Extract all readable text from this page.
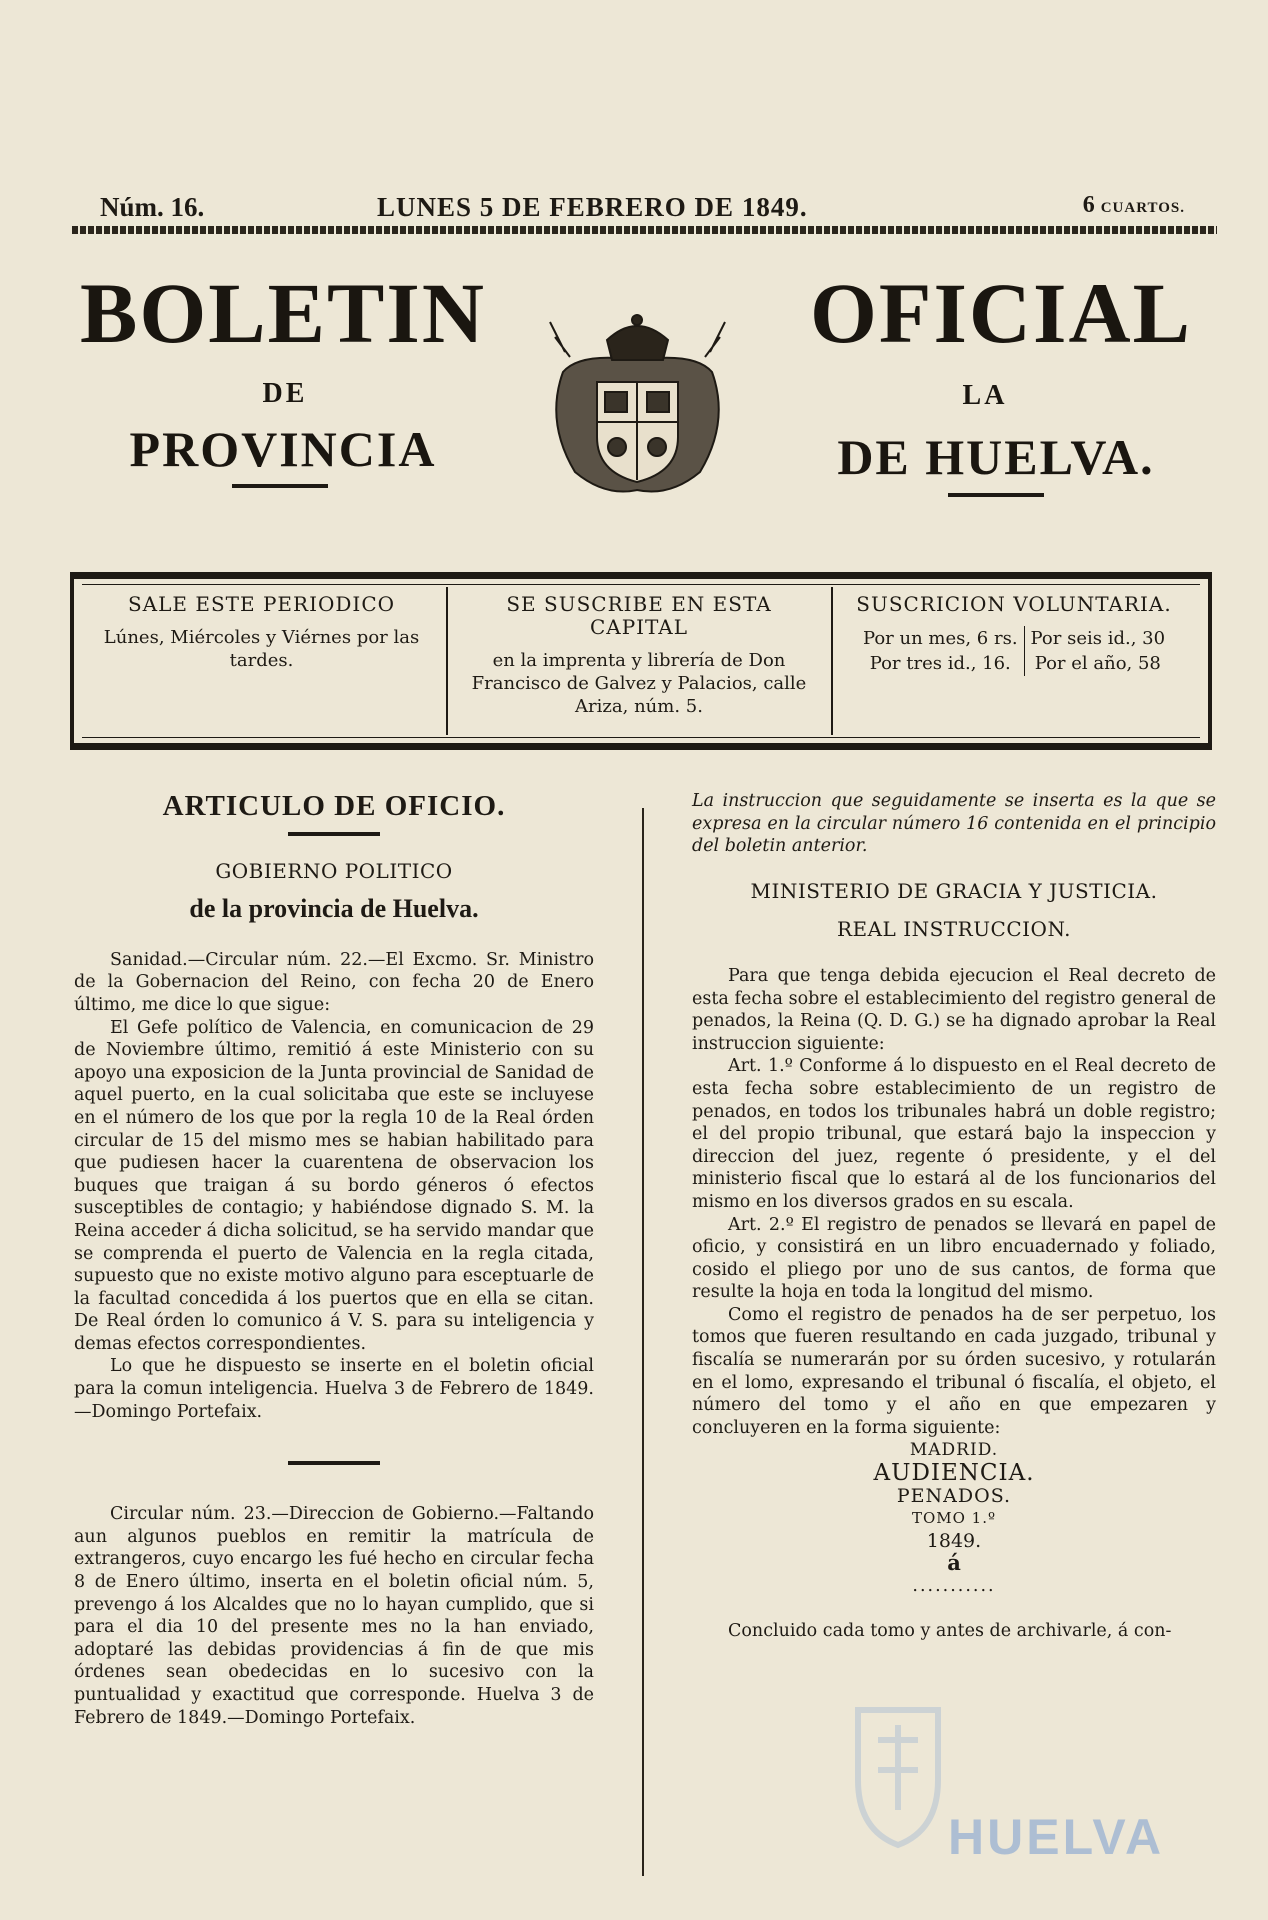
Núm. 16.	LUNES 5 DE FEBRERO DE 1849.	6 CUARTOS.
BOLETIN	OFICIAL
DE	LA
PROVINCIA	DE HUELVA.
SALE ESTE PERIODICO
Lúnes, Miércoles y Viérnes por las tardes.
SE SUSCRIBE EN ESTA CAPITAL
en la imprenta y librería de Don Francisco de Galvez y Palacios, calle Ariza, núm. 5.
SUSCRICION VOLUNTARIA.
Por un mes, 6 rs.	Por seis id., 30
Por tres id., 16.	Por el año, 58
ARTICULO DE OFICIO.
GOBIERNO POLITICO
de la provincia de Huelva.

Sanidad.—Circular núm. 22.—El Excmo. Sr. Ministro de la Gobernacion del Reino, con fecha 20 de Enero último, me dice lo que sigue:

El Gefe político de Valencia, en comunicacion de 29 de Noviembre último, remitió á este Ministerio con su apoyo una exposicion de la Junta provincial de Sanidad de aquel puerto, en la cual solicitaba que este se incluyese en el número de los que por la regla 10 de la Real órden circular de 15 del mismo mes se habian habilitado para que pudiesen hacer la cuarentena de observacion los buques que traigan á su bordo géneros ó efectos susceptibles de contagio; y habiéndose dignado S. M. la Reina acceder á dicha solicitud, se ha servido mandar que se comprenda el puerto de Valencia en la regla citada, supuesto que no existe motivo alguno para esceptuarle de la facultad concedida á los puertos que en ella se citan. De Real órden lo comunico á V. S. para su inteligencia y demas efectos correspondientes.

Lo que he dispuesto se inserte en el boletin oficial para la comun inteligencia. Huelva 3 de Febrero de 1849.—Domingo Portefaix.

Circular núm. 23.—Direccion de Gobierno.—Faltando aun algunos pueblos en remitir la matrícula de extrangeros, cuyo encargo les fué hecho en circular fecha 8 de Enero último, inserta en el boletin oficial núm. 5, prevengo á los Alcaldes que no lo hayan cumplido, que si para el dia 10 del presente mes no la han enviado, adoptaré las debidas providencias á fin de que mis órdenes sean obedecidas en lo sucesivo con la puntualidad y exactitud que corresponde. Huelva 3 de Febrero de 1849.—Domingo Portefaix.

La instruccion que seguidamente se inserta es la que se expresa en la circular número 16 contenida en el principio del boletin anterior.

MINISTERIO DE GRACIA Y JUSTICIA.
REAL INSTRUCCION.

Para que tenga debida ejecucion el Real decreto de esta fecha sobre el establecimiento del registro general de penados, la Reina (Q. D. G.) se ha dignado aprobar la Real instruccion siguiente:

Art. 1.º Conforme á lo dispuesto en el Real decreto de esta fecha sobre establecimiento de un registro de penados, en todos los tribunales habrá un doble registro; el del propio tribunal, que estará bajo la inspeccion y direccion del juez, regente ó presidente, y el del ministerio fiscal que lo estará al de los funcionarios del mismo en los diversos grados en su escala.

Art. 2.º El registro de penados se llevará en papel de oficio, y consistirá en un libro encuadernado y foliado, cosido el pliego por uno de sus cantos, de forma que resulte la hoja en toda la longitud del mismo.

Como el registro de penados ha de ser perpetuo, los tomos que fueren resultando en cada juzgado, tribunal y fiscalía se numerarán por su órden sucesivo, y rotularán en el lomo, expresando el tribunal ó fiscalía, el objeto, el número del tomo y el año en que empezaren y concluyeren en la forma siguiente:

MADRID.

AUDIENCIA.

PENADOS.

TOMO 1.º

1849.

á

...........

Concluido cada tomo y antes de archivarle, á con-

HUELVA
